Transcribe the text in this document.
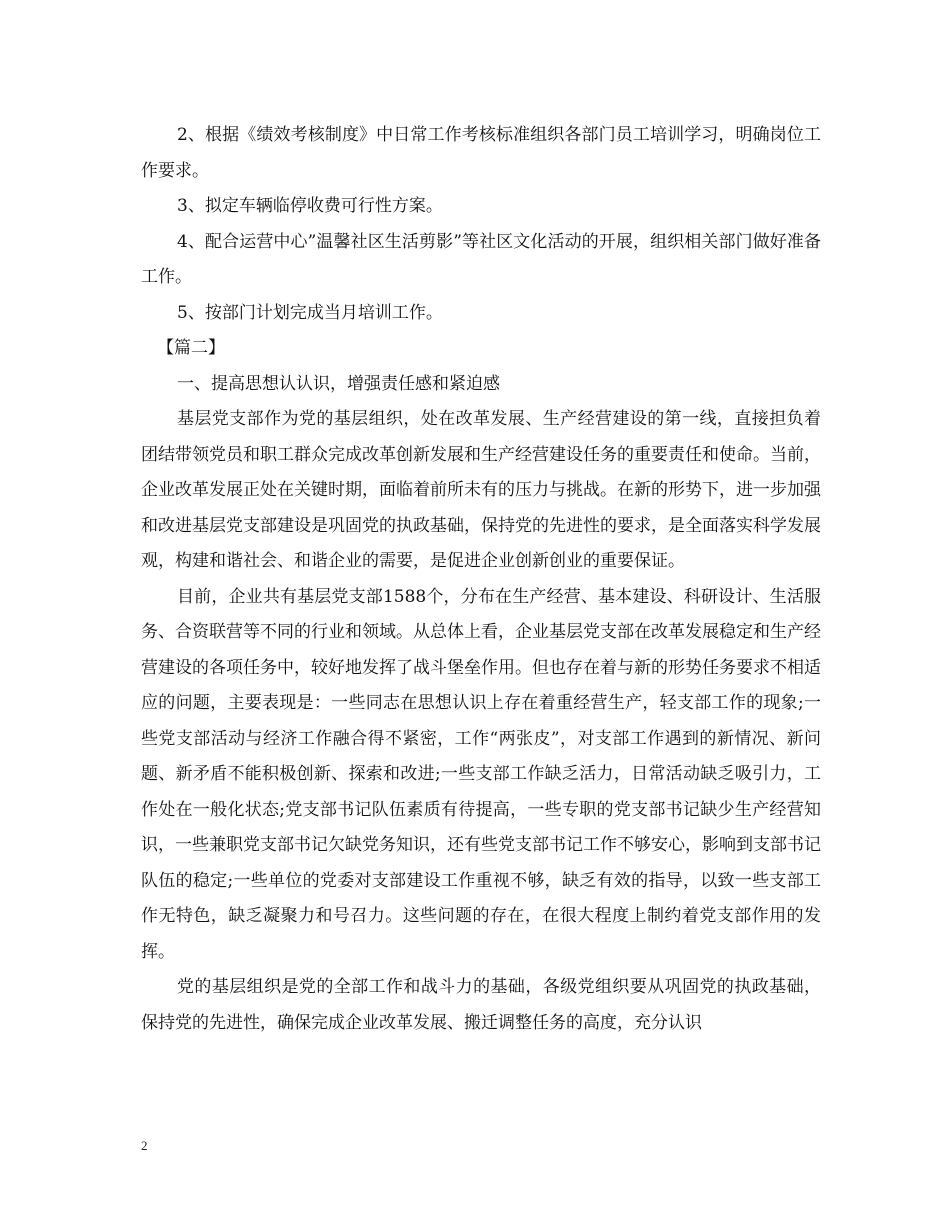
2、根据《绩效考核制度》中日常工作考核标准组织各部门员工培训学习，明确岗位工作要求。

3、拟定车辆临停收费可行性方案。

4、配合运营中心”温馨社区生活剪影”等社区文化活动的开展，组织相关部门做好准备工作。

5、按部门计划完成当月培训工作。

【篇二】

一、提高思想认认识，增强责任感和紧迫感

基层党支部作为党的基层组织，处在改革发展、生产经营建设的第一线，直接担负着团结带领党员和职工群众完成改革创新发展和生产经营建设任务的重要责任和使命。当前，企业改革发展正处在关键时期，面临着前所未有的压力与挑战。在新的形势下，进一步加强和改进基层党支部建设是巩固党的执政基础，保持党的先进性的要求，是全面落实科学发展观，构建和谐社会、和谐企业的需要，是促进企业创新创业的重要保证。

目前，企业共有基层党支部1588个，分布在生产经营、基本建设、科研设计、生活服务、合资联营等不同的行业和领域。从总体上看，企业基层党支部在改革发展稳定和生产经营建设的各项任务中，较好地发挥了战斗堡垒作用。但也存在着与新的形势任务要求不相适应的问题，主要表现是：一些同志在思想认识上存在着重经营生产，轻支部工作的现象;一些党支部活动与经济工作融合得不紧密，工作“两张皮”，对支部工作遇到的新情况、新问题、新矛盾不能积极创新、探索和改进;一些支部工作缺乏活力，日常活动缺乏吸引力，工作处在一般化状态;党支部书记队伍素质有待提高，一些专职的党支部书记缺少生产经营知识，一些兼职党支部书记欠缺党务知识，还有些党支部书记工作不够安心，影响到支部书记队伍的稳定;一些单位的党委对支部建设工作重视不够，缺乏有效的指导，以致一些支部工作无特色，缺乏凝聚力和号召力。这些问题的存在，在很大程度上制约着党支部作用的发挥。

党的基层组织是党的全部工作和战斗力的基础，各级党组织要从巩固党的执政基础，保持党的先进性，确保完成企业改革发展、搬迁调整任务的高度，充分认识

2
